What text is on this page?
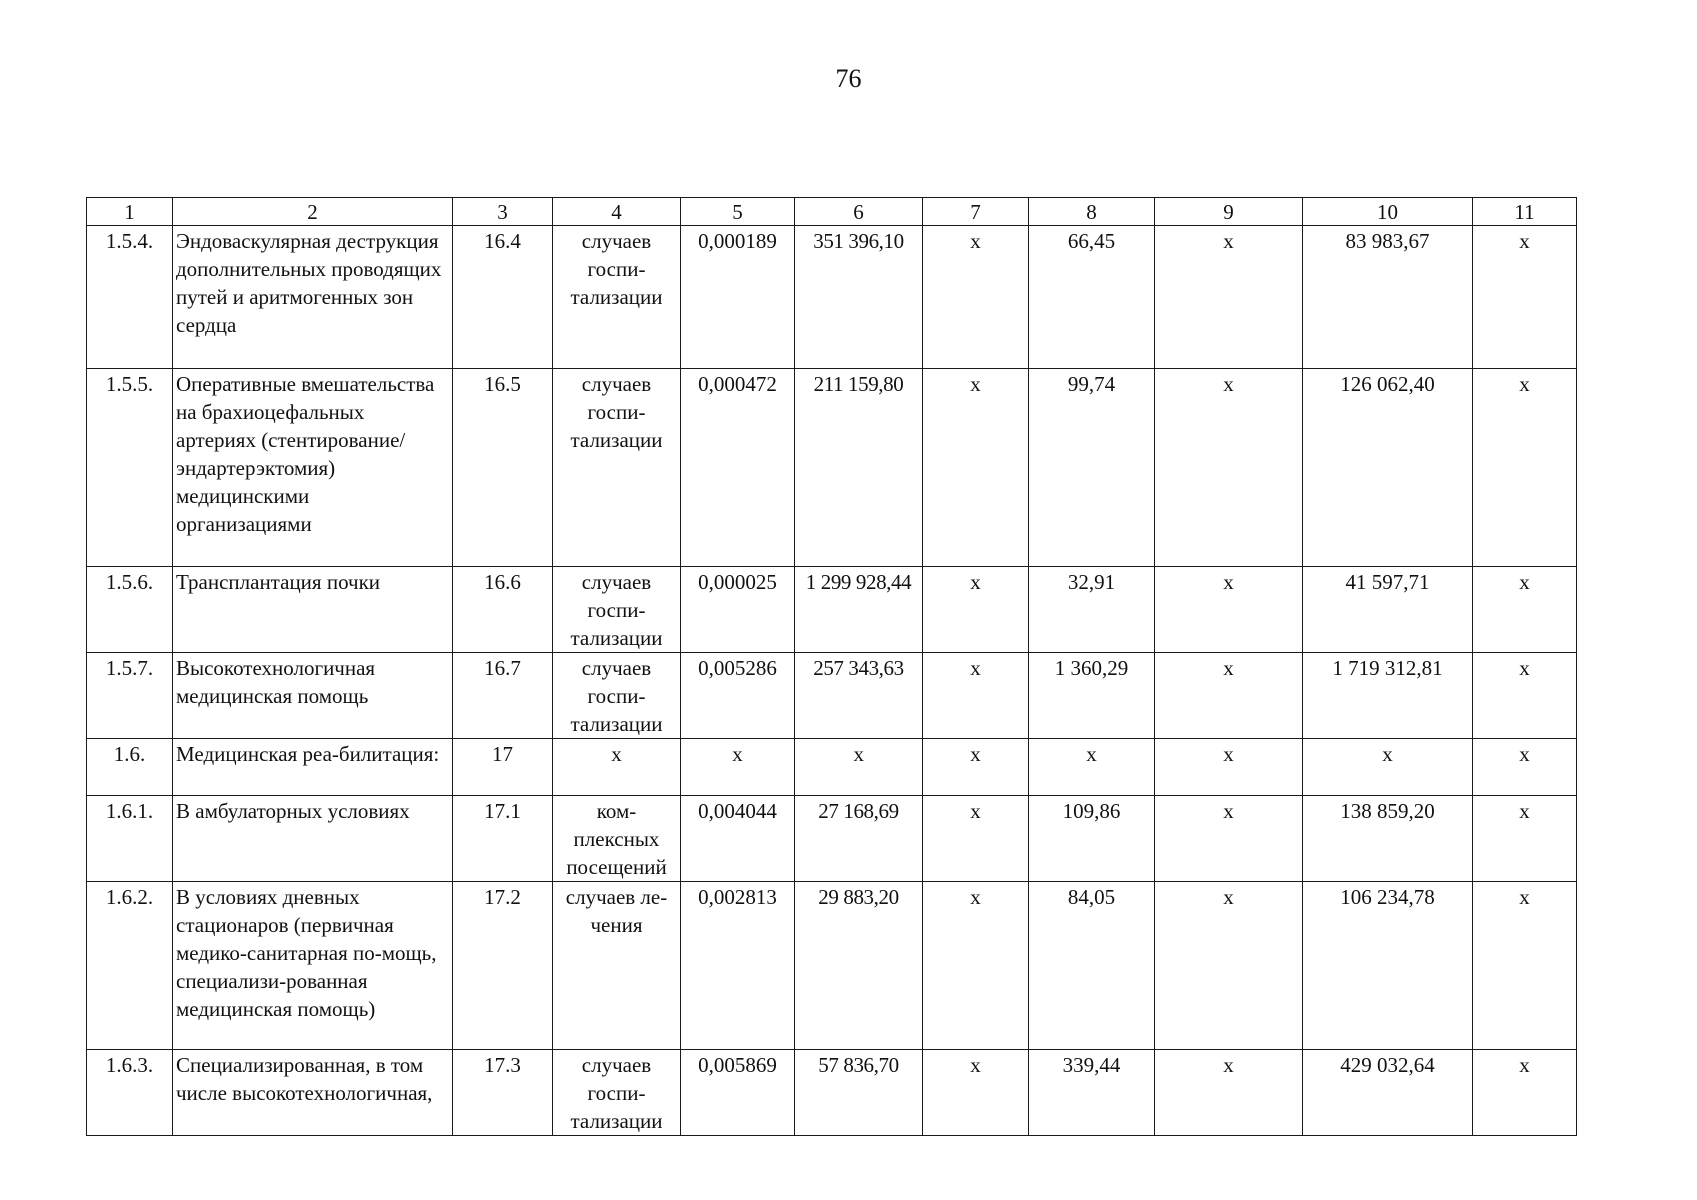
76
1	2	3	4	5	6	7	8	9	10	11
1.5.4.	Эндоваскулярная деструкция дополнительных проводящих путей и аритмогенных зон сердца	16.4	случаев госпи-тализации	0,000189	351 396,10	х	66,45	х	83 983,67	х
1.5.5.	Оперативные вмешательства на брахиоцефальных артериях (стентирование/ эндартерэктомия) медицинскими организациями	16.5	случаев госпи-тализации	0,000472	211 159,80	х	99,74	х	126 062,40	х
1.5.6.	Трансплантация почки	16.6	случаев госпи-тализации	0,000025	1 299 928,44	х	32,91	х	41 597,71	х
1.5.7.	Высокотехнологичная медицинская помощь	16.7	случаев госпи-тализации	0,005286	257 343,63	х	1 360,29	х	1 719 312,81	х
1.6.	Медицинская реа-билитация:	17	х	х	х	х	х	х	х	х
1.6.1.	В амбулаторных условиях	17.1	ком-плексных посещений	0,004044	27 168,69	х	109,86	х	138 859,20	х
1.6.2.	В условиях дневных стационаров (первичная медико-санитарная по-мощь, специализи-рованная медицинская помощь)	17.2	случаев ле-чения	0,002813	29 883,20	х	84,05	х	106 234,78	х
1.6.3.	Специализированная, в том числе высокотехнологичная,	17.3	случаев госпи-тализации	0,005869	57 836,70	х	339,44	х	429 032,64	х
